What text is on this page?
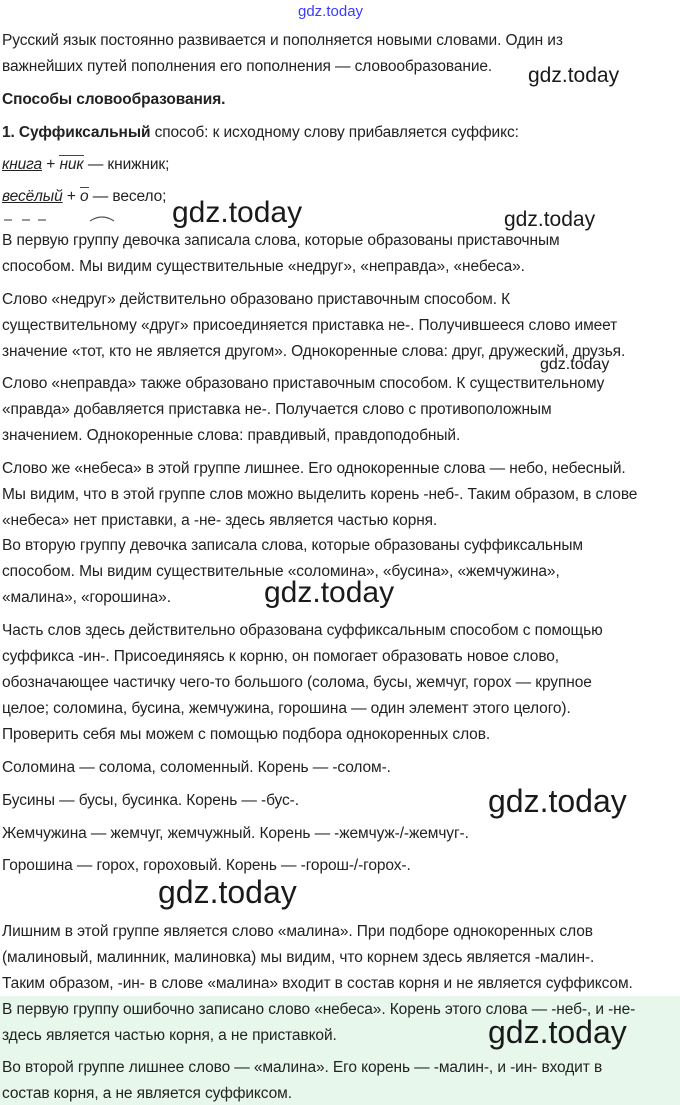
gdz.today
Русский язык постоянно развивается и пополняется новыми словами. Один из
важнейших путей пополнения его пополнения — словообразование.
Способы словообразования.
1. Суффиксальный способ: к исходному слову прибавляется суффикс:
книга + ник — книжник;
весёлый + о — весело;
В первую группу девочка записала слова, которые образованы приставочным
способом. Мы видим существительные «недруг», «неправда», «небеса».
Слово «недруг» действительно образовано приставочным способом. К
существительному «друг» присоединяется приставка не-. Получившееся слово имеет
значение «тот, кто не является другом». Однокоренные слова: друг, дружеский, друзья.
Слово «неправда» также образовано приставочным способом. К существительному
«правда» добавляется приставка не-. Получается слово с противоположным
значением. Однокоренные слова: правдивый, правдоподобный.
Слово же «небеса» в этой группе лишнее. Его однокоренные слова — небо, небесный.
Мы видим, что в этой группе слов можно выделить корень -неб-. Таким образом, в слове
«небеса» нет приставки, а -не- здесь является частью корня.
Во вторую группу девочка записала слова, которые образованы суффиксальным
способом. Мы видим существительные «соломина», «бусина», «жемчужина»,
«малина», «горошина».
Часть слов здесь действительно образована суффиксальным способом с помощью
суффикса -ин-. Присоединяясь к корню, он помогает образовать новое слово,
обозначающее частичку чего-то большого (солома, бусы, жемчуг, горох — крупное
целое; соломина, бусина, жемчужина, горошина — один элемент этого целого).
Проверить себя мы можем с помощью подбора однокоренных слов.
Соломина — солома, соломенный. Корень — -солом-.
Бусины — бусы, бусинка. Корень — -бус-.
Жемчужина — жемчуг, жемчужный. Корень — -жемчуж-/-жемчуг-.
Горошина — горох, гороховый. Корень — -горош-/-горох-.
Лишним в этой группе является слово «малина». При подборе однокоренных слов
(малиновый, малинник, малиновка) мы видим, что корнем здесь является -малин-.
Таким образом, -ин- в слове «малина» входит в состав корня и не является суффиксом.
В первую группу ошибочно записано слово «небеса». Корень этого слова — -неб-, и -не-
здесь является частью корня, а не приставкой.
Во второй группе лишнее слово — «малина». Его корень — -малин-, и -ин- входит в
состав корня, а не является суффиксом.
gdz.today
gdz.today	gdz.today
gdz.today
gdz.today
gdz.today
gdz.today
gdz.today
